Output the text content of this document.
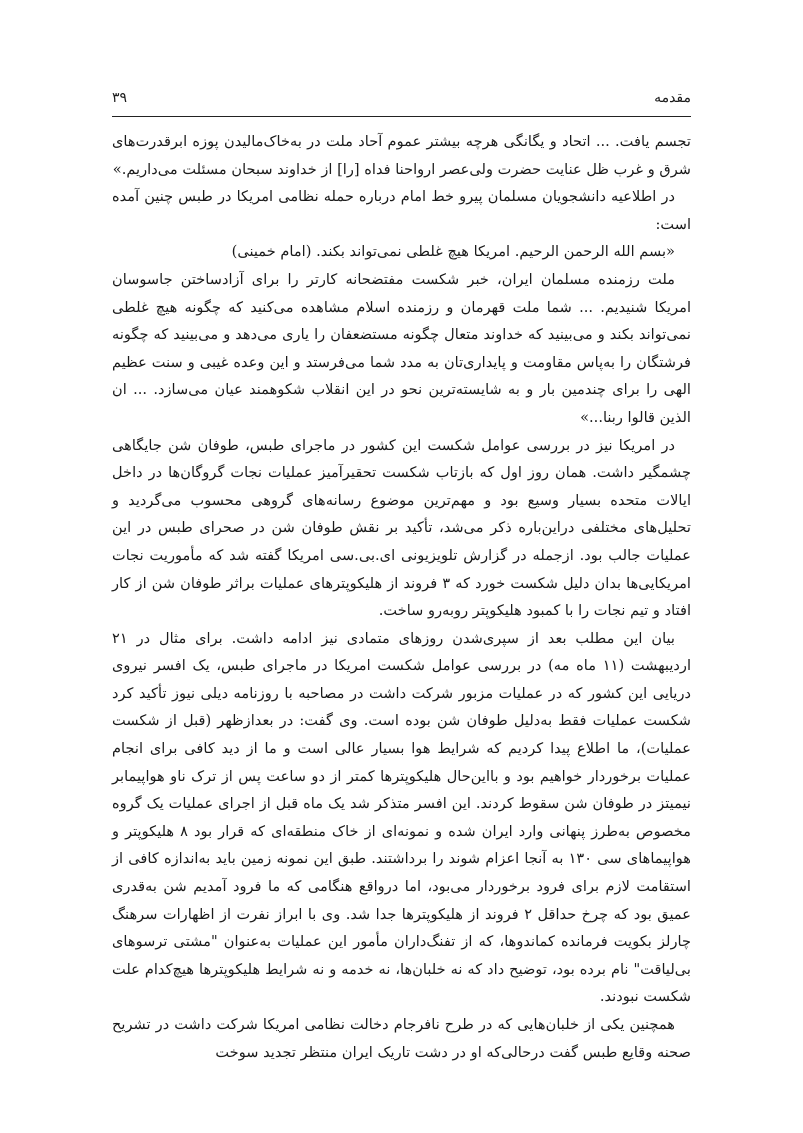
مقدمه
۳۹

تجسم یافت. ... اتحاد و یگانگی هرچه بیشتر عموم آحاد ملت در به‌خاک‌مالیدن پوزه ابرقدرت‌های شرق و غرب ظل عنایت حضرت ولی‌عصر ارواحنا فداه [را] از خداوند سبحان مسئلت می‌داریم.»

در اطلاعیه دانشجویان مسلمان پیرو خط امام درباره حمله نظامی امریکا در طبس چنین آمده است:

«بسم الله الرحمن الرحیم. امریکا هیچ غلطی نمی‌تواند بکند. (امام خمینی)

ملت رزمنده مسلمان ایران، خبر شکست مفتضحانه کارتر را برای آزادساختن جاسوسان امریکا شنیدیم. ... شما ملت قهرمان و رزمنده اسلام مشاهده می‌کنید که چگونه هیچ غلطی نمی‌تواند بکند و می‌بینید که خداوند متعال چگونه مستضعفان را یاری می‌دهد و می‌بینید که چگونه فرشتگان را به‌پاس مقاومت و پایداری‌تان به مدد شما می‌فرستد و این وعده غیبی و سنت عظیم الهی را برای چندمین بار و به شایسته‌ترین نحو در این انقلاب شکوهمند عیان می‌سازد. ... ان الذین قالوا ربنا...»

در امریکا نیز در بررسی عوامل شکست این کشور در ماجرای طبس، طوفان شن جایگاهی چشمگیر داشت. همان روز اول که بازتاب شکست تحقیرآمیز عملیات نجات گروگان‌ها در داخل ایالات متحده بسیار وسیع بود و مهم‌ترین موضوع رسانه‌های گروهی محسوب می‌گردید و تحلیل‌های مختلفی دراین‌باره ذکر می‌شد، تأکید بر نقش طوفان شن در صحرای طبس در این عملیات جالب بود. ازجمله در گزارش تلویزیونی ای.بی.سی امریکا گفته شد که مأموریت نجات امریکایی‌ها بدان دلیل شکست خورد که ۳ فروند از هلیکوپترهای عملیات براثر طوفان شن از کار افتاد و تیم نجات را با کمبود هلیکوپتر روبه‌رو ساخت.

بیان این مطلب بعد از سپری‌شدن روزهای متمادی نیز ادامه داشت. برای مثال در ۲۱ اردیبهشت (۱۱ ماه مه) در بررسی عوامل شکست امریکا در ماجرای طبس، یک افسر نیروی دریایی این کشور که در عملیات مزبور شرکت داشت در مصاحبه با روزنامه دیلی نیوز تأکید کرد شکست عملیات فقط به‌دلیل طوفان شن بوده است. وی گفت: در بعدازظهر (قبل از شکست عملیات)، ما اطلاع پیدا کردیم که شرایط هوا بسیار عالی است و ما از دید کافی برای انجام عملیات برخوردار خواهیم بود و بااین‌حال هلیکوپترها کمتر از دو ساعت پس از ترک ناو هواپیمابر نیمیتز در طوفان شن سقوط کردند. این افسر متذکر شد یک ماه قبل از اجرای عملیات یک گروه مخصوص به‌طرز پنهانی وارد ایران شده و نمونه‌ای از خاک منطقه‌ای که قرار بود ۸ هلیکوپتر و هواپیماهای سی ۱۳۰ به آنجا اعزام شوند را برداشتند. طبق این نمونه زمین باید به‌اندازه کافی از استقامت لازم برای فرود برخوردار می‌بود، اما درواقع هنگامی که ما فرود آمدیم شن به‌قدری عمیق بود که چرخ حداقل ۲ فروند از هلیکوپترها جدا شد. وی با ابراز نفرت از اظهارات سرهنگ چارلز بکویت فرمانده کماندوها، که از تفنگ‌داران مأمور این عملیات به‌عنوان "مشتی ترسوهای بی‌لیاقت" نام برده بود، توضیح داد که نه خلبان‌ها، نه خدمه و نه شرایط هلیکوپترها هیچ‌کدام علت شکست نبودند.

همچنین یکی از خلبان‌هایی که در طرح نافرجام دخالت نظامی امریکا شرکت داشت در تشریح صحنه وقایع طبس گفت درحالی‌که او در دشت تاریک ایران منتظر تجدید سوخت
